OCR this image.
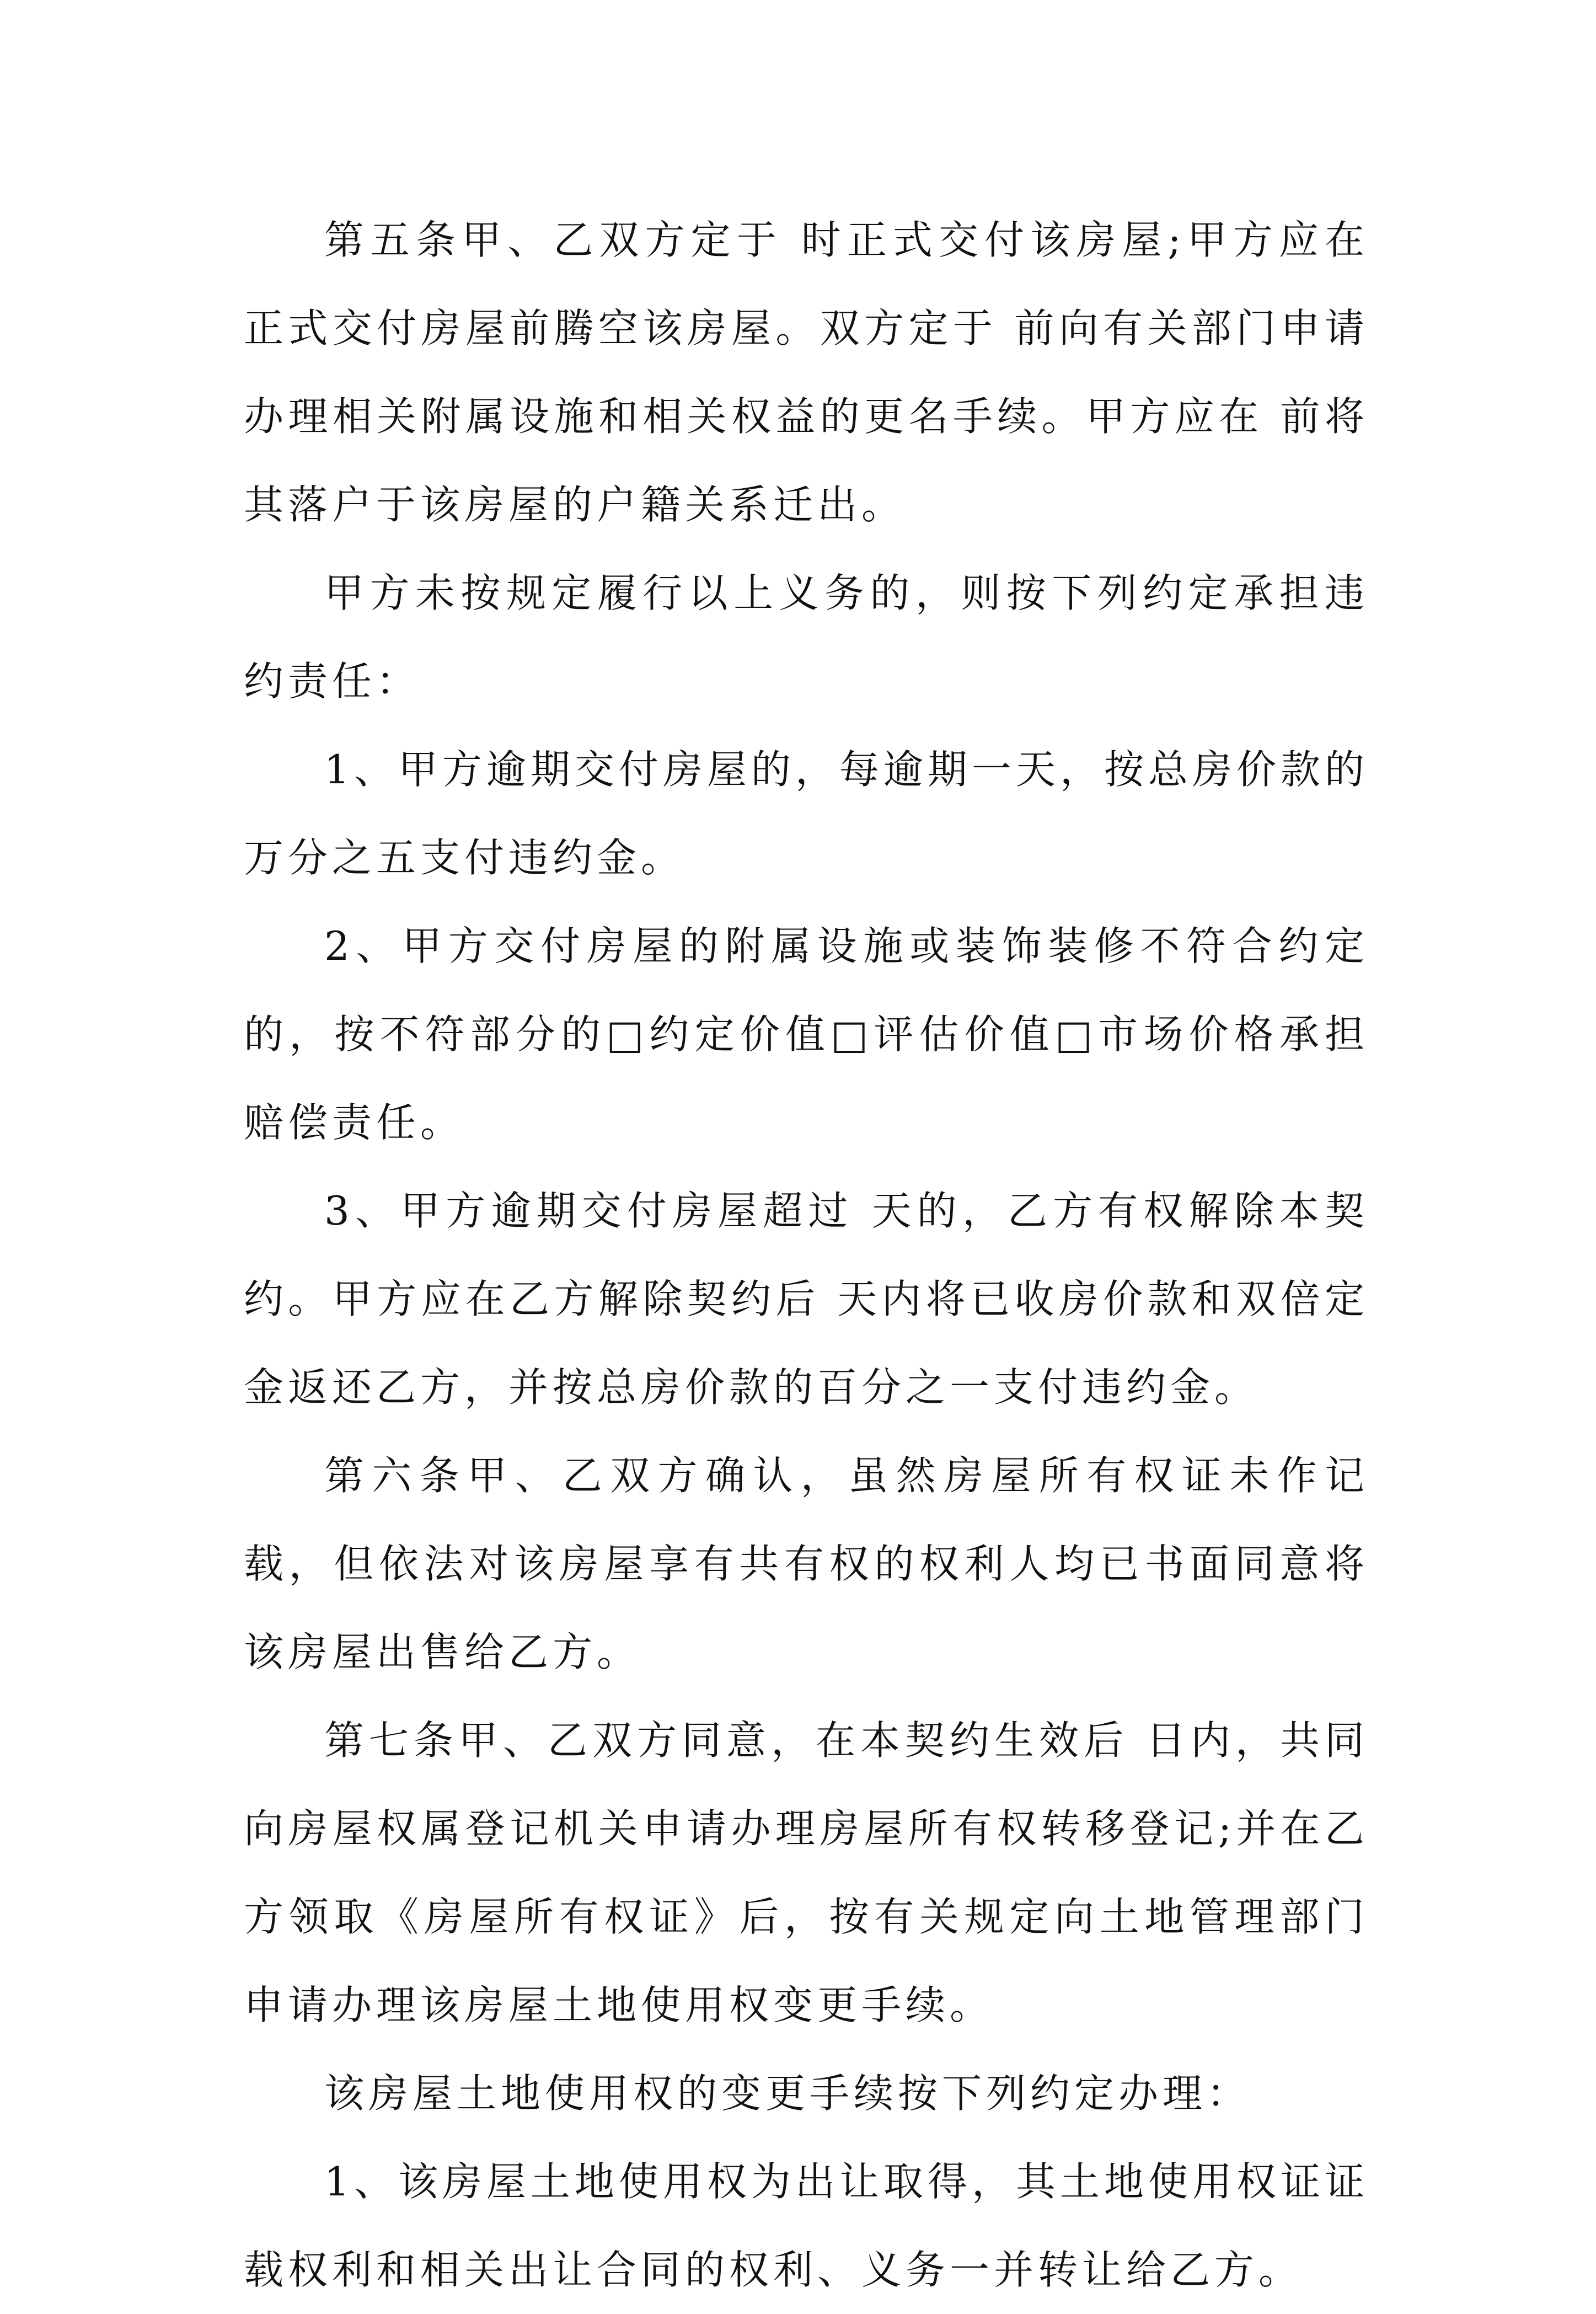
第五条甲、乙双方定于 时正式交付该房屋;甲方应在正式交付房屋前腾空该房屋。双方定于 前向有关部门申请办理相关附属设施和相关权益的更名手续。甲方应在 前将其落户于该房屋的户籍关系迁出。

甲方未按规定履行以上义务的，则按下列约定承担违约责任：

1、甲方逾期交付房屋的，每逾期一天，按总房价款的万分之五支付违约金。

2、甲方交付房屋的附属设施或装饰装修不符合约定的，按不符部分的□约定价值□评估价值□市场价格承担赔偿责任。

3、甲方逾期交付房屋超过 天的，乙方有权解除本契约。甲方应在乙方解除契约后 天内将已收房价款和双倍定金返还乙方，并按总房价款的百分之一支付违约金。

第六条甲、乙双方确认，虽然房屋所有权证未作记载，但依法对该房屋享有共有权的权利人均已书面同意将该房屋出售给乙方。

第七条甲、乙双方同意，在本契约生效后 日内，共同向房屋权属登记机关申请办理房屋所有权转移登记;并在乙方领取《房屋所有权证》后，按有关规定向土地管理部门申请办理该房屋土地使用权变更手续。

该房屋土地使用权的变更手续按下列约定办理：

1、该房屋土地使用权为出让取得，其土地使用权证证载权利和相关出让合同的权利、义务一并转让给乙方。
